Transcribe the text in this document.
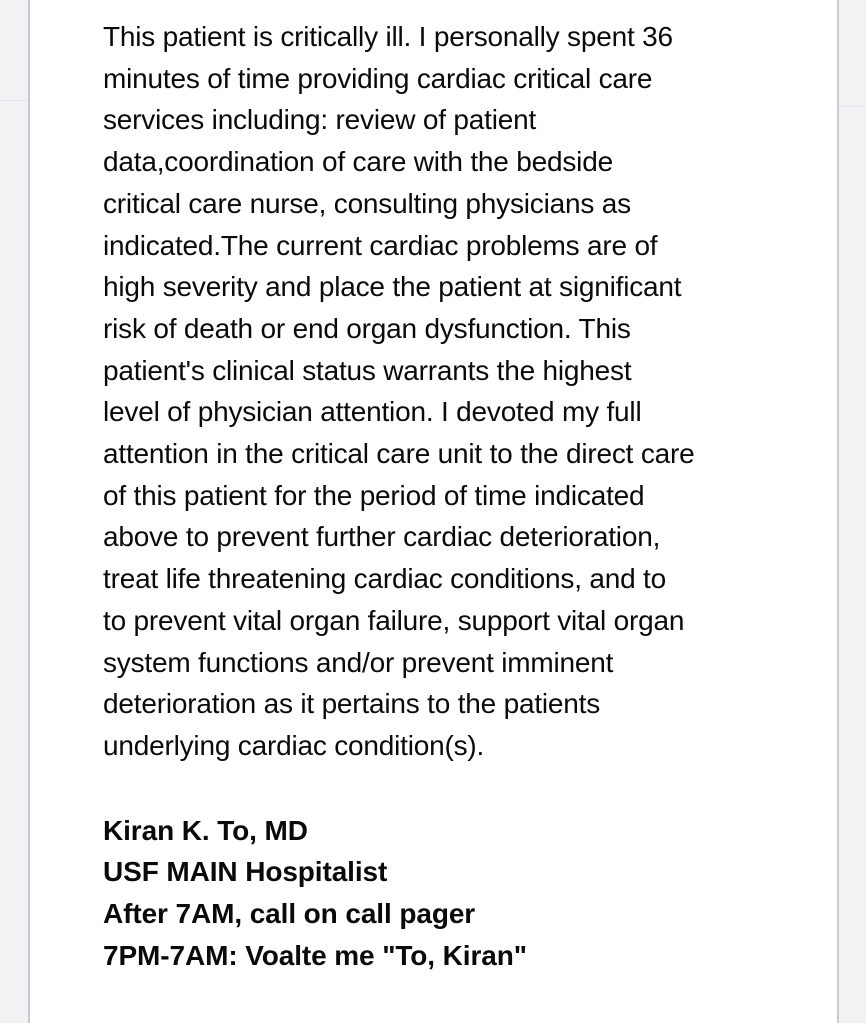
This patient is critically ill. I personally spent 36
minutes of time providing cardiac critical care
services including: review of patient
data,coordination of care with the bedside
critical care nurse, consulting physicians as
indicated.The current cardiac problems are of
high severity and place the patient at significant
risk of death or end organ dysfunction. This
patient's clinical status warrants the highest
level of physician attention. I devoted my full
attention in the critical care unit to the direct care
of this patient for the period of time indicated
above to prevent further cardiac deterioration,
treat life threatening cardiac conditions, and to
to prevent vital organ failure, support vital organ
system functions and/or prevent imminent
deterioration as it pertains to the patients
underlying cardiac condition(s).
Kiran K. To, MD
USF MAIN Hospitalist
After 7AM, call on call pager
7PM-7AM: Voalte me "To, Kiran"
